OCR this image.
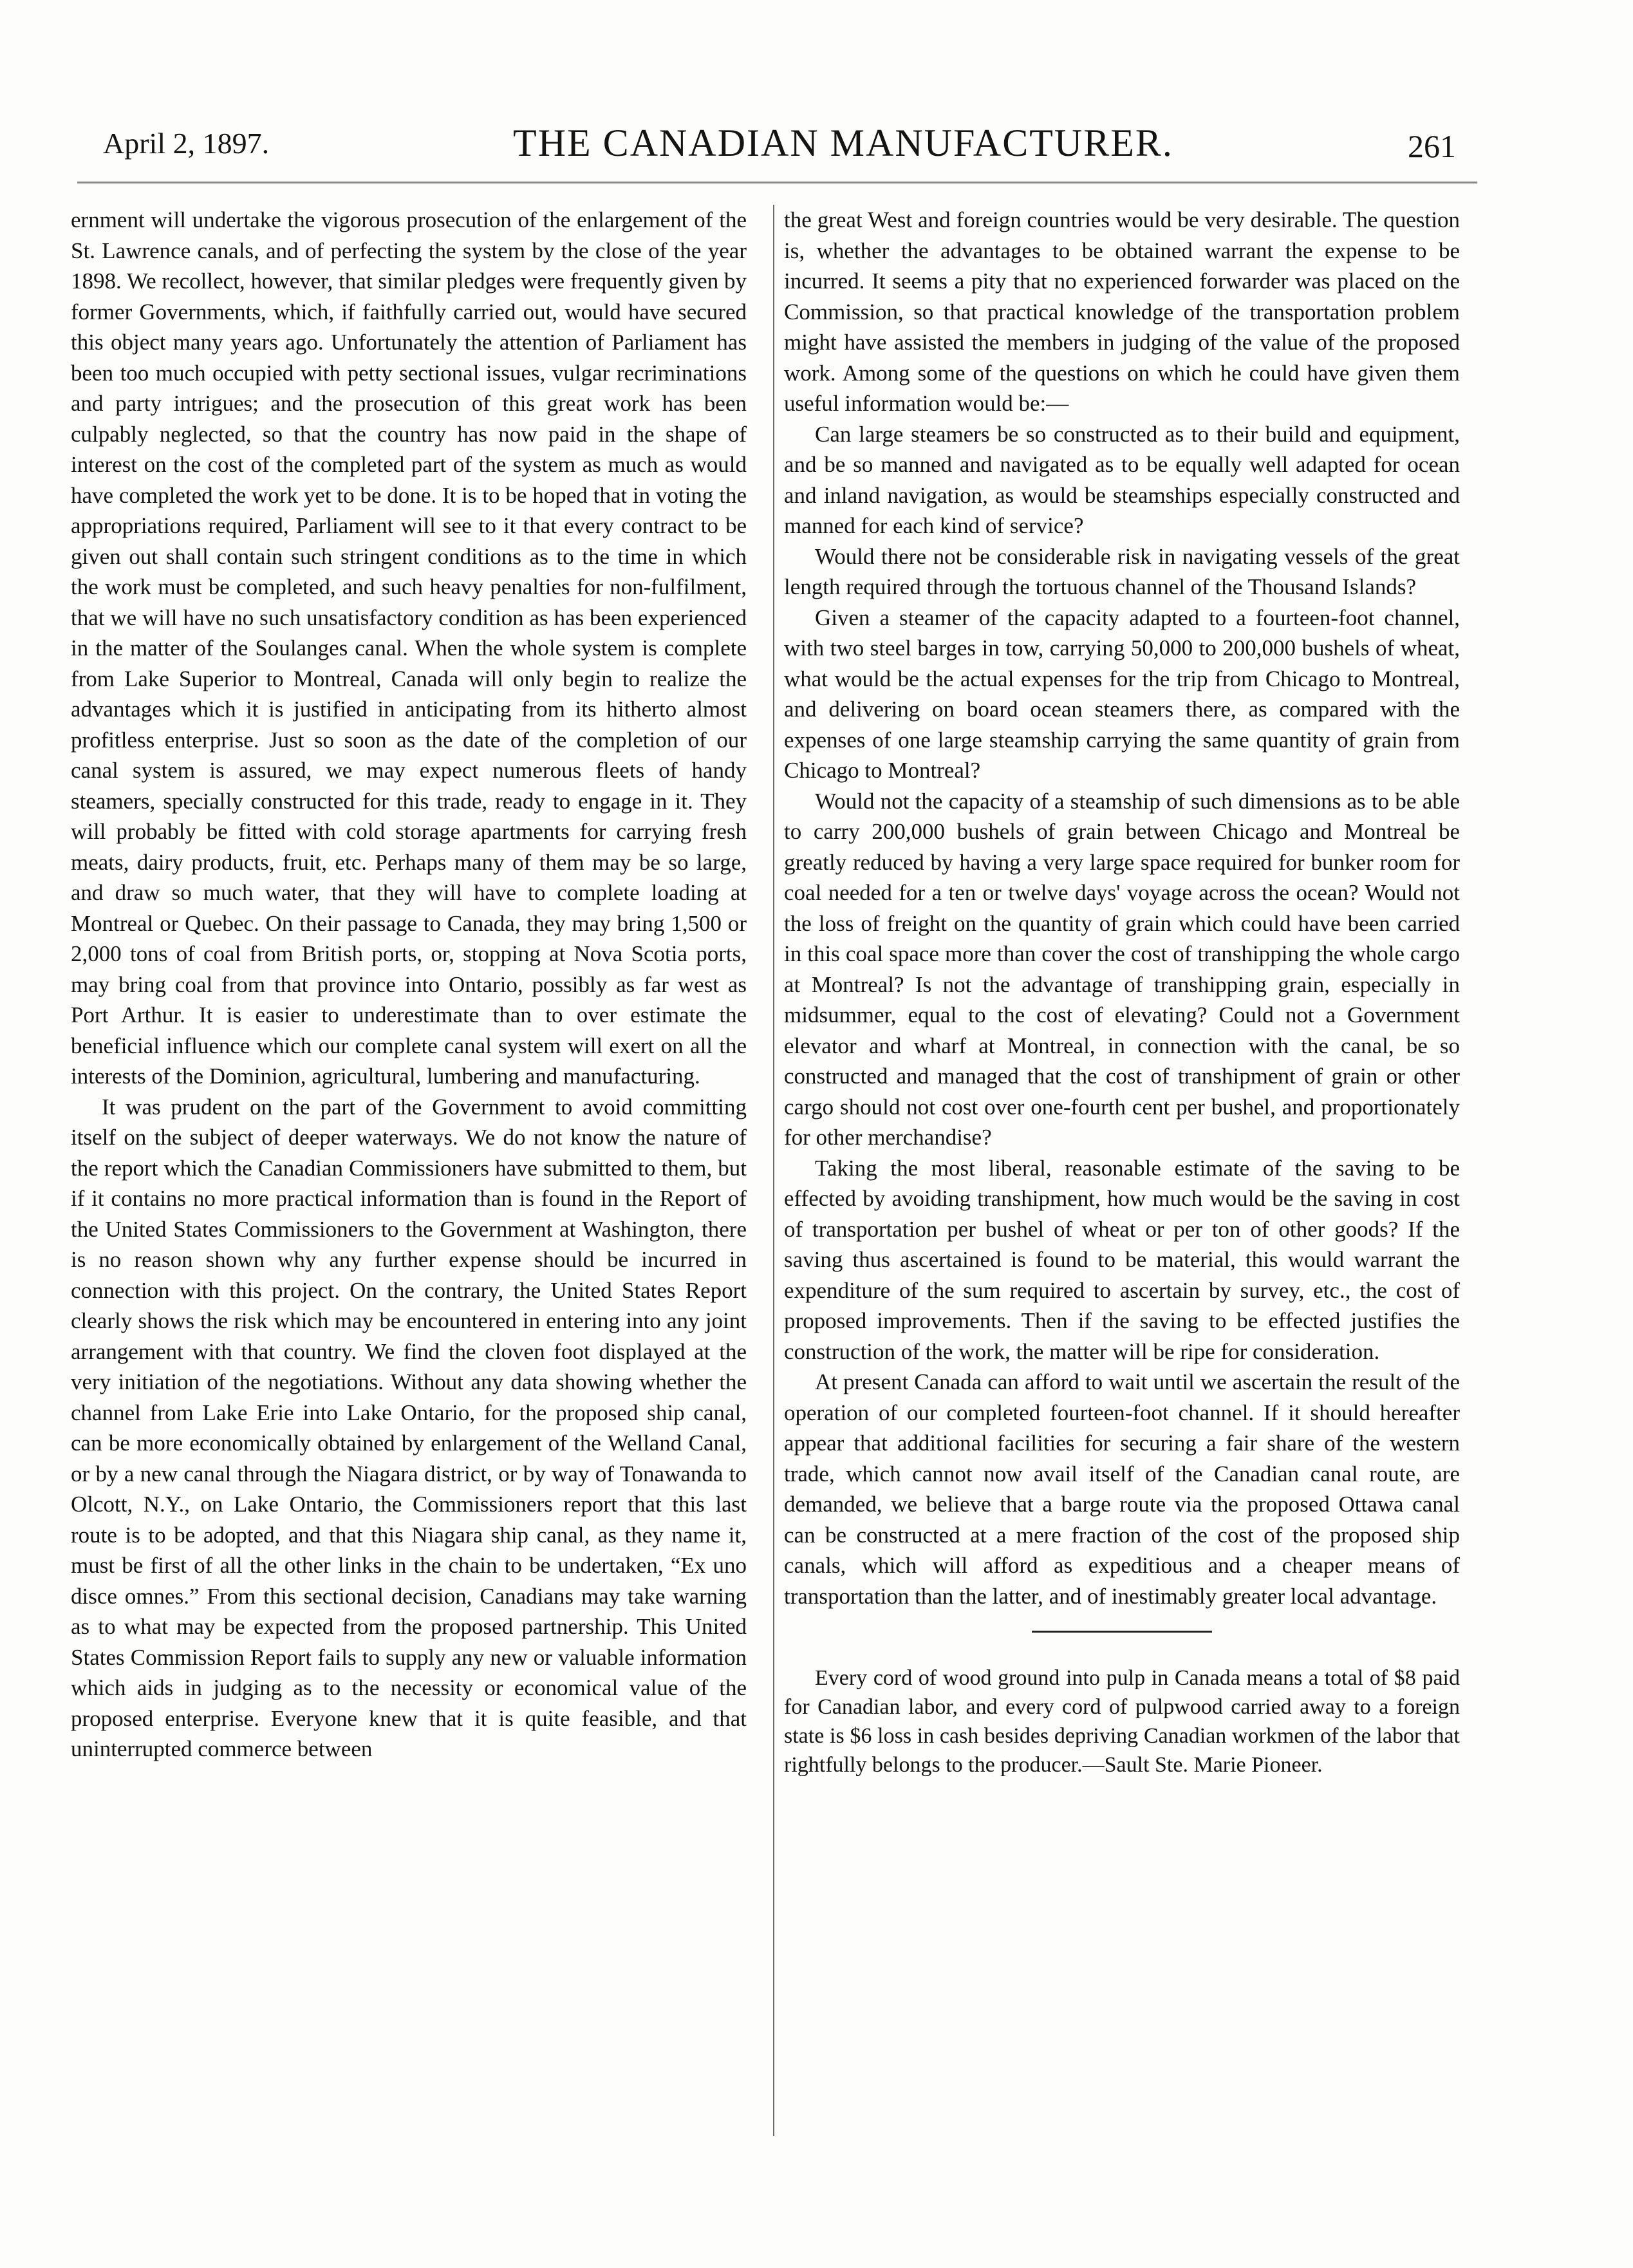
April 2, 1897.	THE CANADIAN MANUFACTURER.	261

ernment will undertake the vigorous prosecution of the enlargement of the St. Lawrence canals, and of perfecting the system by the close of the year 1898. We recollect, however, that similar pledges were frequently given by former Governments, which, if faithfully carried out, would have secured this object many years ago. Unfortunately the attention of Parliament has been too much occupied with petty sectional issues, vulgar recriminations and party intrigues; and the prosecution of this great work has been culpably neglected, so that the country has now paid in the shape of interest on the cost of the completed part of the system as much as would have completed the work yet to be done. It is to be hoped that in voting the appropriations required, Parliament will see to it that every contract to be given out shall contain such stringent conditions as to the time in which the work must be completed, and such heavy penalties for non-fulfilment, that we will have no such unsatisfactory condition as has been experienced in the matter of the Soulanges canal. When the whole system is complete from Lake Superior to Montreal, Canada will only begin to realize the advantages which it is justified in anticipating from its hitherto almost profitless enterprise. Just so soon as the date of the completion of our canal system is assured, we may expect numerous fleets of handy steamers, specially constructed for this trade, ready to engage in it. They will probably be fitted with cold storage apartments for carrying fresh meats, dairy products, fruit, etc. Perhaps many of them may be so large, and draw so much water, that they will have to complete loading at Montreal or Quebec. On their passage to Canada, they may bring 1,500 or 2,000 tons of coal from British ports, or, stopping at Nova Scotia ports, may bring coal from that province into Ontario, possibly as far west as Port Arthur. It is easier to underestimate than to over estimate the beneficial influence which our complete canal system will exert on all the interests of the Dominion, agricultural, lumbering and manufacturing.

It was prudent on the part of the Government to avoid committing itself on the subject of deeper waterways. We do not know the nature of the report which the Canadian Commissioners have submitted to them, but if it contains no more practical information than is found in the Report of the United States Commissioners to the Government at Washington, there is no reason shown why any further expense should be incurred in connection with this project. On the contrary, the United States Report clearly shows the risk which may be encountered in entering into any joint arrangement with that country. We find the cloven foot displayed at the very initiation of the negotiations. Without any data showing whether the channel from Lake Erie into Lake Ontario, for the proposed ship canal, can be more economically obtained by enlargement of the Welland Canal, or by a new canal through the Niagara district, or by way of Tonawanda to Olcott, N.Y., on Lake Ontario, the Commissioners report that this last route is to be adopted, and that this Niagara ship canal, as they name it, must be first of all the other links in the chain to be undertaken, “Ex uno disce omnes.” From this sectional decision, Canadians may take warning as to what may be expected from the proposed partnership. This United States Commission Report fails to supply any new or valuable information which aids in judging as to the necessity or economical value of the proposed enterprise. Everyone knew that it is quite feasible, and that uninterrupted commerce between

the great West and foreign countries would be very desirable. The question is, whether the advantages to be obtained warrant the expense to be incurred. It seems a pity that no experienced forwarder was placed on the Commission, so that practical knowledge of the transportation problem might have assisted the members in judging of the value of the proposed work. Among some of the questions on which he could have given them useful information would be:—

Can large steamers be so constructed as to their build and equipment, and be so manned and navigated as to be equally well adapted for ocean and inland navigation, as would be steamships especially constructed and manned for each kind of service?

Would there not be considerable risk in navigating vessels of the great length required through the tortuous channel of the Thousand Islands?

Given a steamer of the capacity adapted to a fourteen-foot channel, with two steel barges in tow, carrying 50,000 to 200,000 bushels of wheat, what would be the actual expenses for the trip from Chicago to Montreal, and delivering on board ocean steamers there, as compared with the expenses of one large steamship carrying the same quantity of grain from Chicago to Montreal?

Would not the capacity of a steamship of such dimensions as to be able to carry 200,000 bushels of grain between Chicago and Montreal be greatly reduced by having a very large space required for bunker room for coal needed for a ten or twelve days' voyage across the ocean? Would not the loss of freight on the quantity of grain which could have been carried in this coal space more than cover the cost of transhipping the whole cargo at Montreal? Is not the advantage of transhipping grain, especially in midsummer, equal to the cost of elevating? Could not a Government elevator and wharf at Montreal, in connection with the canal, be so constructed and managed that the cost of transhipment of grain or other cargo should not cost over one-fourth cent per bushel, and proportionately for other merchandise?

Taking the most liberal, reasonable estimate of the saving to be effected by avoiding transhipment, how much would be the saving in cost of transportation per bushel of wheat or per ton of other goods? If the saving thus ascertained is found to be material, this would warrant the expenditure of the sum required to ascertain by survey, etc., the cost of proposed improvements. Then if the saving to be effected justifies the construction of the work, the matter will be ripe for consideration.

At present Canada can afford to wait until we ascertain the result of the operation of our completed fourteen-foot channel. If it should hereafter appear that additional facilities for securing a fair share of the western trade, which cannot now avail itself of the Canadian canal route, are demanded, we believe that a barge route via the proposed Ottawa canal can be constructed at a mere fraction of the cost of the proposed ship canals, which will afford as expeditious and a cheaper means of transportation than the latter, and of inestimably greater local advantage.

Every cord of wood ground into pulp in Canada means a total of $8 paid for Canadian labor, and every cord of pulpwood carried away to a foreign state is $6 loss in cash besides depriving Canadian workmen of the labor that rightfully belongs to the producer.—Sault Ste. Marie Pioneer.
